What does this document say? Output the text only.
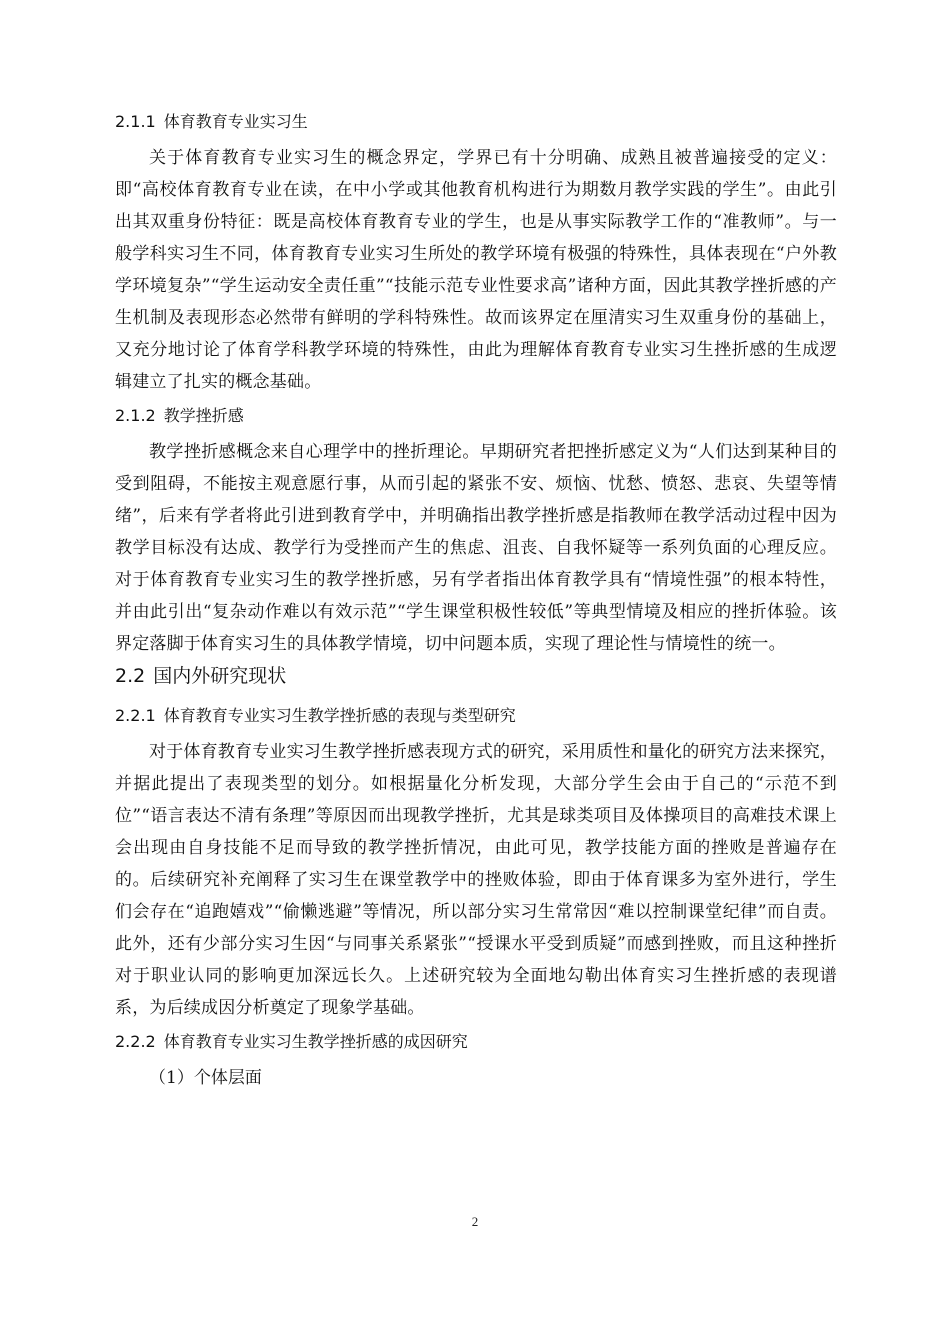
2.1.1 体育教育专业实习生

关于体育教育专业实习生的概念界定，学界已有十分明确、成熟且被普遍接受的定义：即“高校体育教育专业在读，在中小学或其他教育机构进行为期数月教学实践的学生”。由此引出其双重身份特征：既是高校体育教育专业的学生，也是从事实际教学工作的“准教师”。与一般学科实习生不同，体育教育专业实习生所处的教学环境有极强的特殊性，具体表现在“户外教学环境复杂”“学生运动安全责任重”“技能示范专业性要求高”诸种方面，因此其教学挫折感的产生机制及表现形态必然带有鲜明的学科特殊性。故而该界定在厘清实习生双重身份的基础上，又充分地讨论了体育学科教学环境的特殊性，由此为理解体育教育专业实习生挫折感的生成逻辑建立了扎实的概念基础。

2.1.2 教学挫折感

教学挫折感概念来自心理学中的挫折理论。早期研究者把挫折感定义为“人们达到某种目的受到阻碍，不能按主观意愿行事，从而引起的紧张不安、烦恼、忧愁、愤怒、悲哀、失望等情绪”，后来有学者将此引进到教育学中，并明确指出教学挫折感是指教师在教学活动过程中因为教学目标没有达成、教学行为受挫而产生的焦虑、沮丧、自我怀疑等一系列负面的心理反应。对于体育教育专业实习生的教学挫折感，另有学者指出体育教学具有“情境性强”的根本特性，并由此引出“复杂动作难以有效示范”“学生课堂积极性较低”等典型情境及相应的挫折体验。该界定落脚于体育实习生的具体教学情境，切中问题本质，实现了理论性与情境性的统一。

2.2 国内外研究现状
2.2.1 体育教育专业实习生教学挫折感的表现与类型研究

对于体育教育专业实习生教学挫折感表现方式的研究，采用质性和量化的研究方法来探究，并据此提出了表现类型的划分。如根据量化分析发现，大部分学生会由于自己的“示范不到位”“语言表达不清有条理”等原因而出现教学挫折，尤其是球类项目及体操项目的高难技术课上会出现由自身技能不足而导致的教学挫折情况，由此可见，教学技能方面的挫败是普遍存在的。后续研究补充阐释了实习生在课堂教学中的挫败体验，即由于体育课多为室外进行，学生们会存在“追跑嬉戏”“偷懒逃避”等情况，所以部分实习生常常因“难以控制课堂纪律”而自责。此外，还有少部分实习生因“与同事关系紧张”“授课水平受到质疑”而感到挫败，而且这种挫折对于职业认同的影响更加深远长久。上述研究较为全面地勾勒出体育实习生挫折感的表现谱系，为后续成因分析奠定了现象学基础。

2.2.2 体育教育专业实习生教学挫折感的成因研究

（1）个体层面

2
